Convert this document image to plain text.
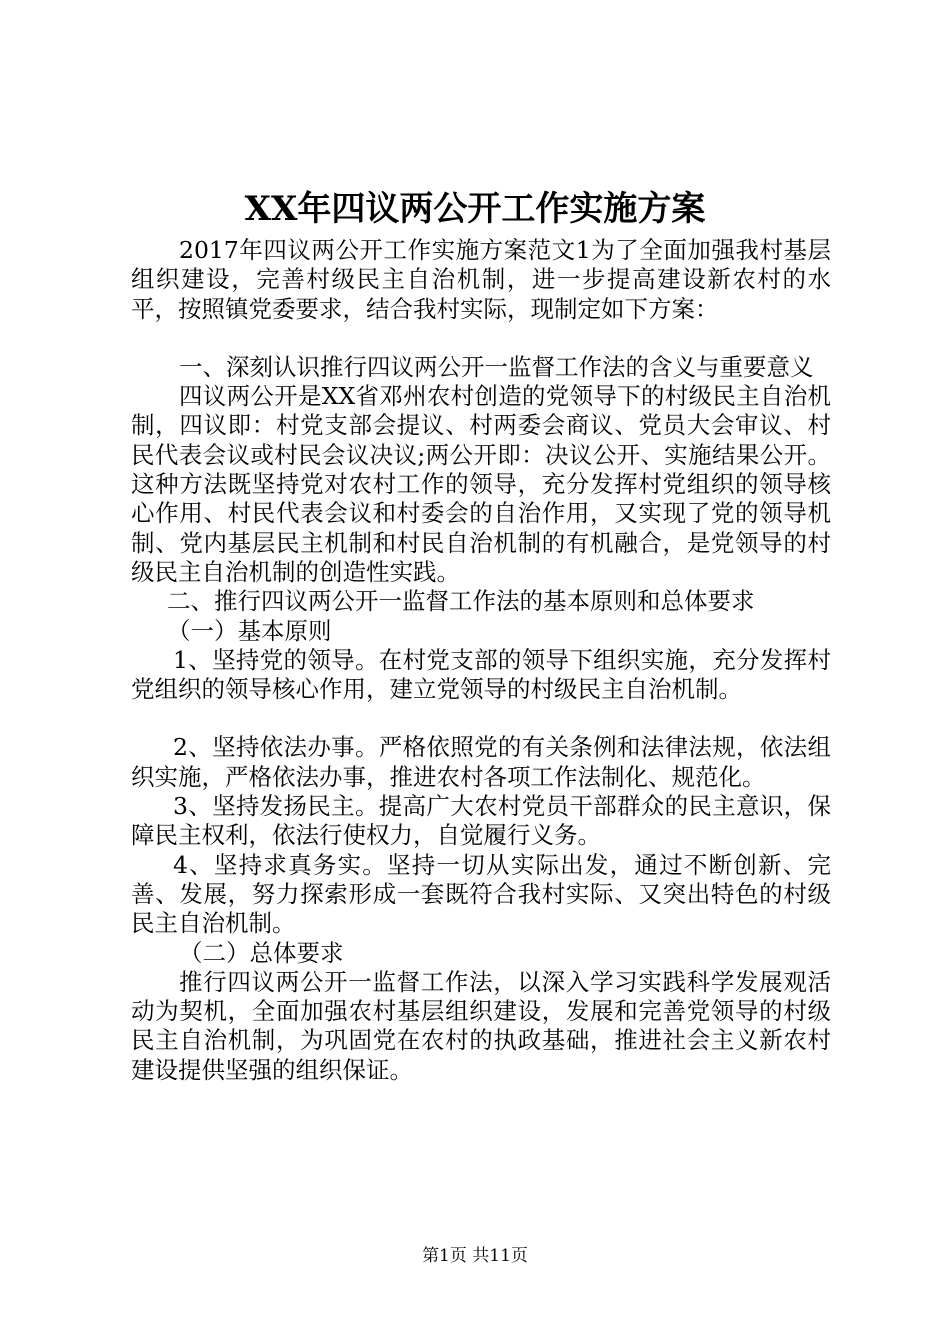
XX年四议两公开工作实施方案

2017年四议两公开工作实施方案范文1为了全面加强我村基层组织建设，完善村级民主自治机制，进一步提高建设新农村的水平，按照镇党委要求，结合我村实际，现制定如下方案：

一、深刻认识推行四议两公开一监督工作法的含义与重要意义

四议两公开是XX省邓州农村创造的党领导下的村级民主自治机制，四议即：村党支部会提议、村两委会商议、党员大会审议、村民代表会议或村民会议决议;两公开即：决议公开、实施结果公开。这种方法既坚持党对农村工作的领导，充分发挥村党组织的领导核心作用、村民代表会议和村委会的自治作用，又实现了党的领导机制、党内基层民主机制和村民自治机制的有机融合，是党领导的村级民主自治机制的创造性实践。

二、推行四议两公开一监督工作法的基本原则和总体要求

（一）基本原则

1、坚持党的领导。在村党支部的领导下组织实施，充分发挥村党组织的领导核心作用，建立党领导的村级民主自治机制。

2、坚持依法办事。严格依照党的有关条例和法律法规，依法组织实施，严格依法办事，推进农村各项工作法制化、规范化。

3、坚持发扬民主。提高广大农村党员干部群众的民主意识，保障民主权利，依法行使权力，自觉履行义务。

4、坚持求真务实。坚持一切从实际出发，通过不断创新、完善、发展，努力探索形成一套既符合我村实际、又突出特色的村级民主自治机制。

（二）总体要求

推行四议两公开一监督工作法，以深入学习实践科学发展观活动为契机，全面加强农村基层组织建设，发展和完善党领导的村级民主自治机制，为巩固党在农村的执政基础，推进社会主义新农村建设提供坚强的组织保证。

第1页 共11页
